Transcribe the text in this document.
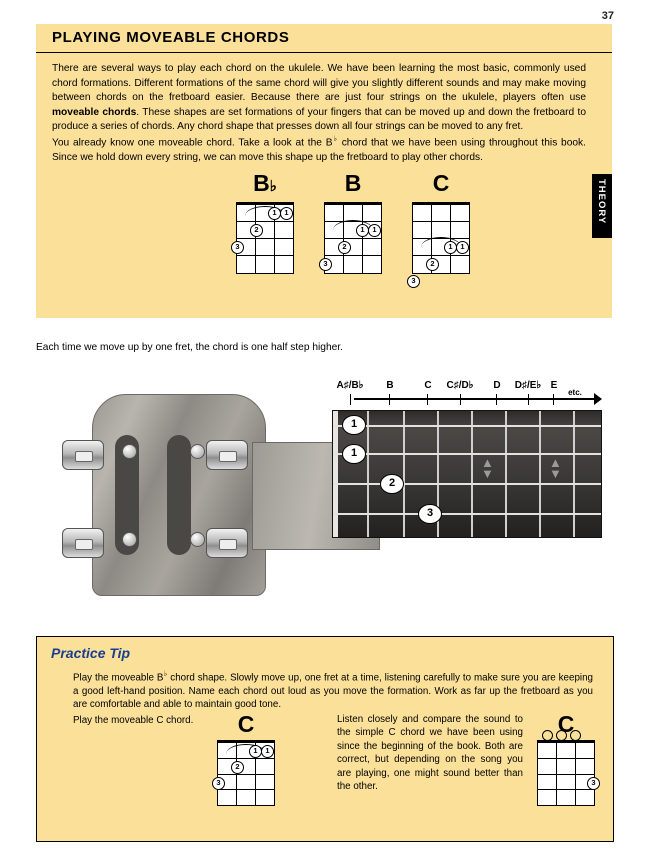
37
PLAYING MOVEABLE CHORDS
THEORY
There are several ways to play each chord on the ukulele. We have been learning the most basic, commonly used chord formations. Different formations of the same chord will give you slightly different sounds and may make moving between chords on the fretboard easier. Because there are just four strings on the ukulele, players often use moveable chords. These shapes are set formations of your fingers that can be moved up and down the fretboard to produce a series of chords. Any chord shape that presses down all four strings can be moved to any fret.
You already know one moveable chord. Take a look at the B♭ chord that we have been using throughout this book. Since we hold down every string, we can move this shape up the fretboard to play other chords.
B♭
1	1
2
3
B
1	1
2
3
C
1	1
2
3
Each time we move up by one fret, the chord is one half step higher.
▲
▼
▲
▼
A♯/B♭	B	C	C♯/D♭	D	D♯/E♭ E
etc.
1
1
2
3
Practice Tip
Play the moveable B♭ chord shape. Slowly move up, one fret at a time, listening carefully to make sure you are keeping a good left-hand position. Name each chord out loud as you move the formation. Work as far up the fretboard as you are comfortable and able to maintain good tone.
Play the moveable C chord.	Listen closely and compare the sound to the simple C chord we have been using since the beginning of the book. Both are correct, but depending on the song you are playing, one might sound better than the other.
C
1	1
2
3
C
3
